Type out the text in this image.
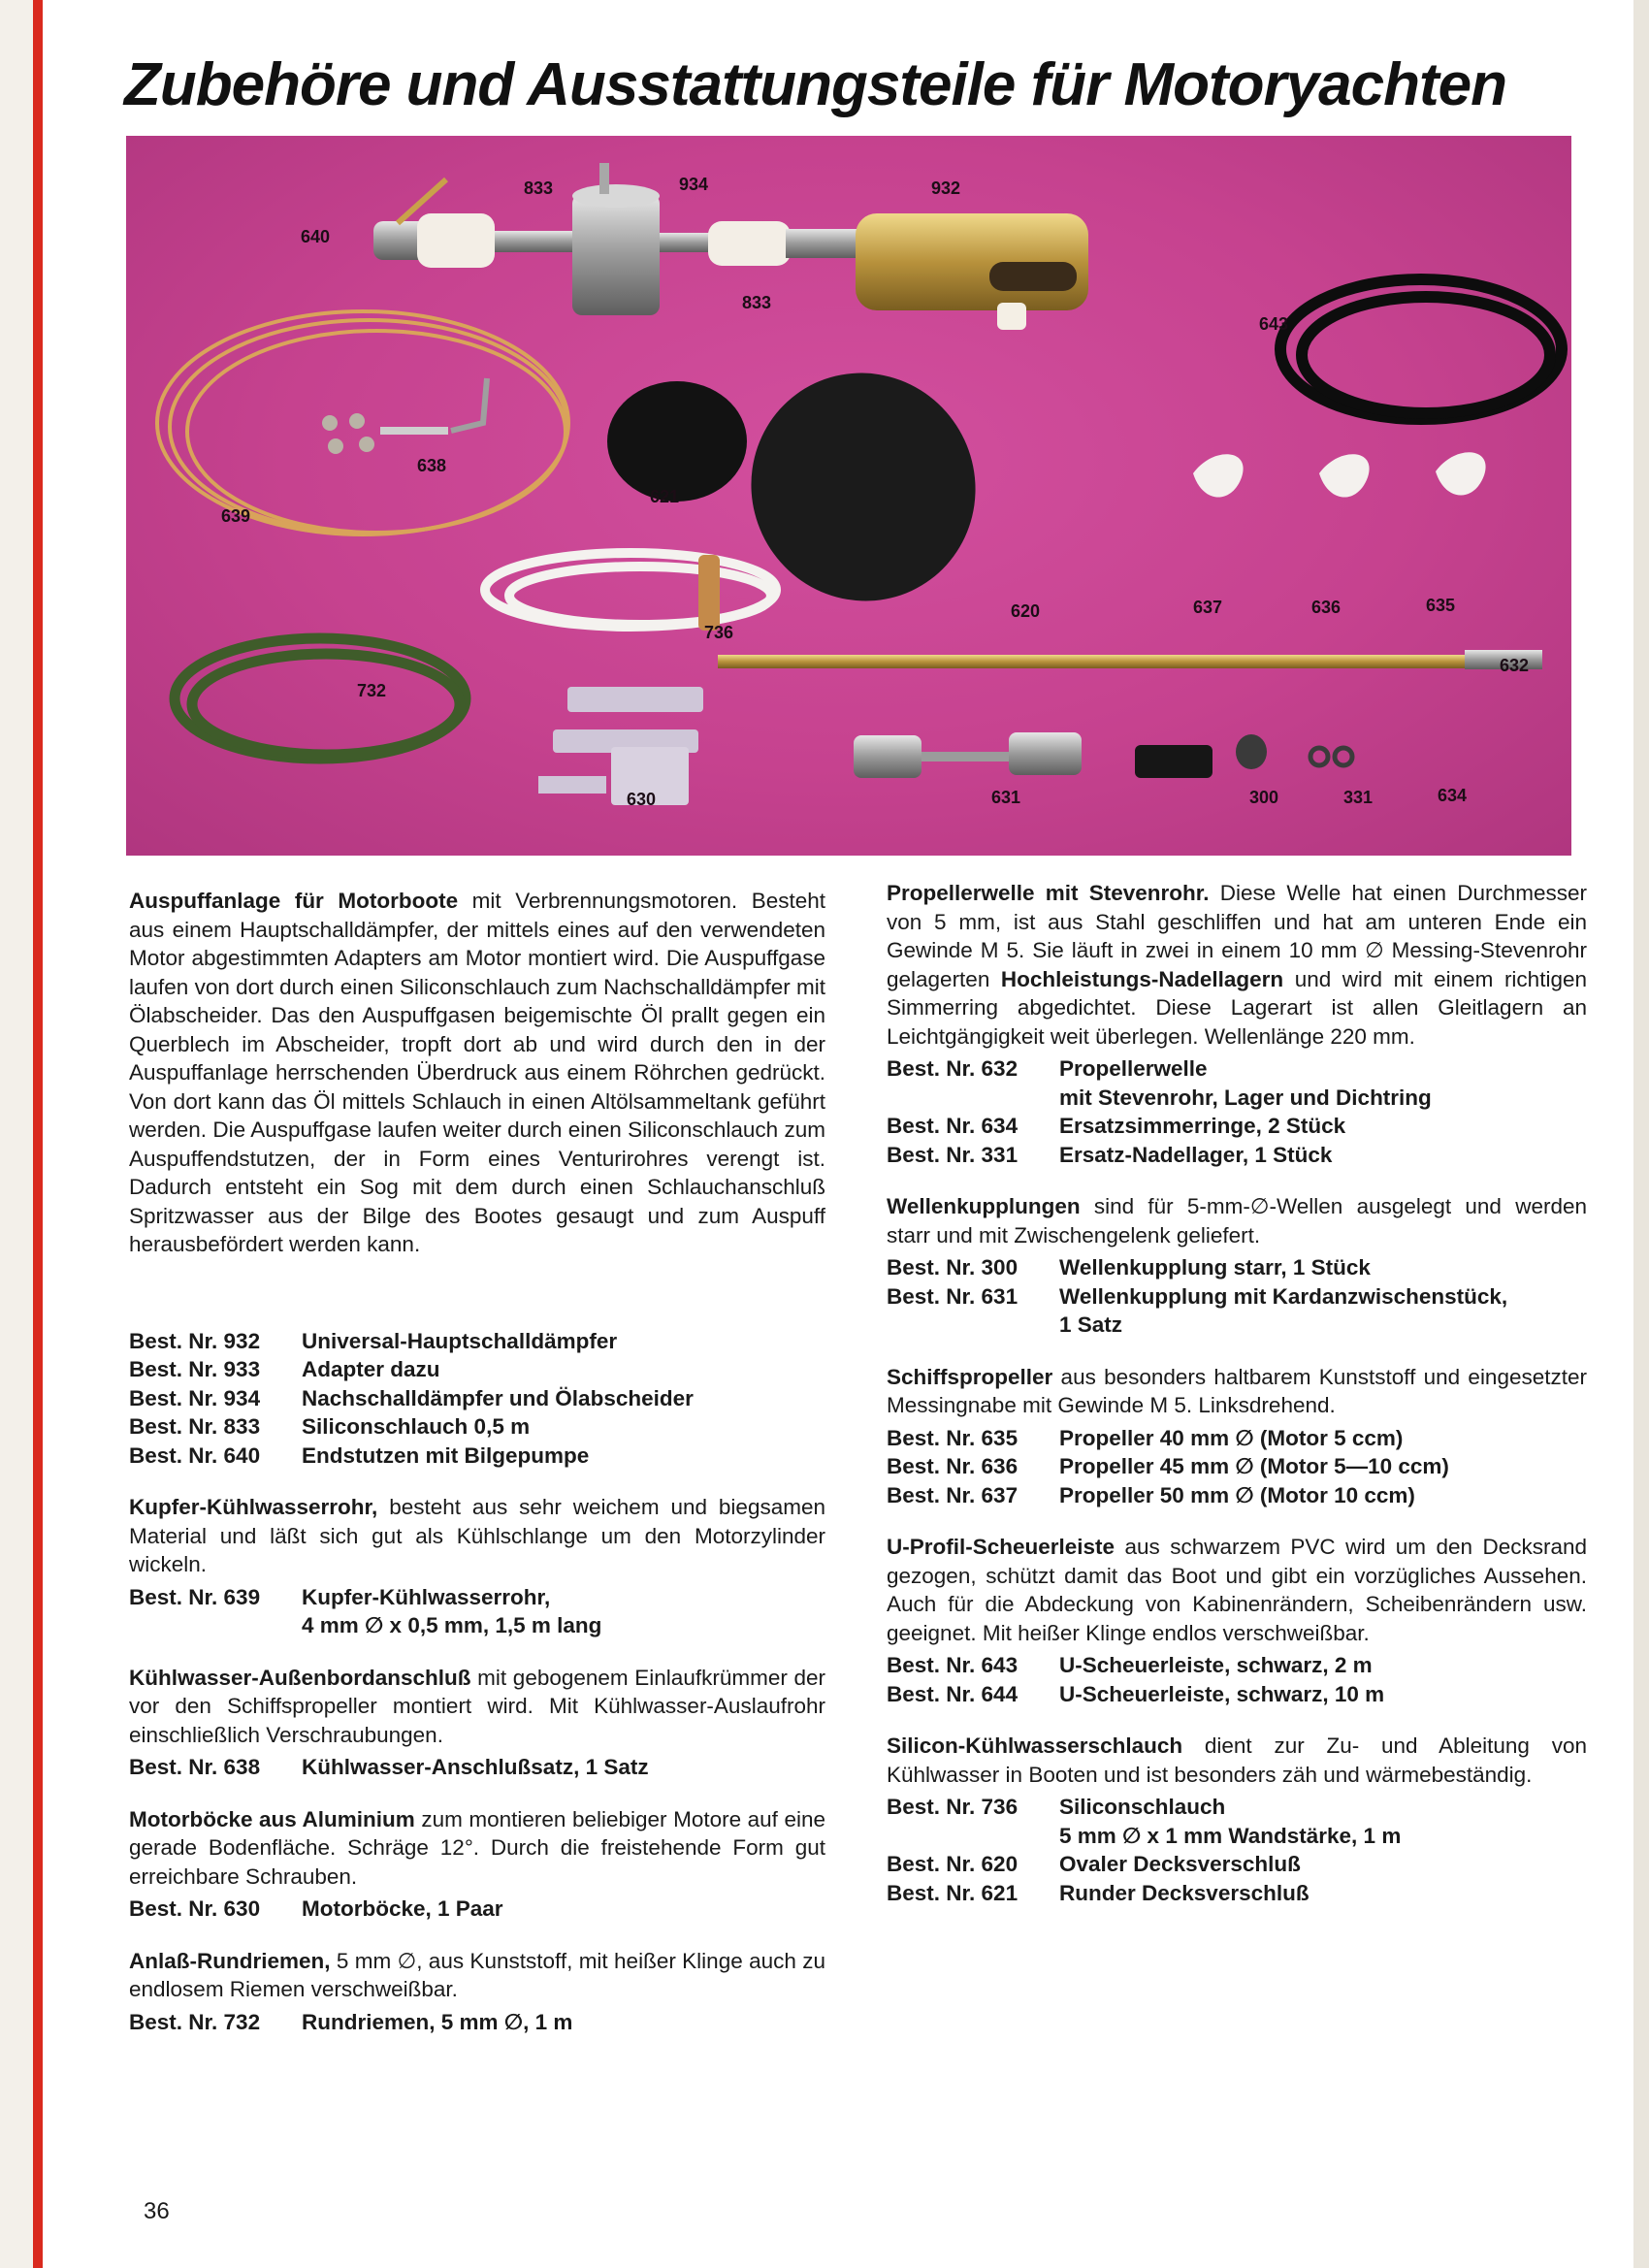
Zubehöre und Ausstattungsteile für Motoryachten
833	934	932
640
833
643
638
621
639
620
736
637	636	635
732
632
630	631	300	331	634

Auspuffanlage für Motorboote mit Verbrennungsmotoren. Besteht aus einem Hauptschalldämpfer, der mittels eines auf den verwendeten Motor abgestimmten Adapters am Motor montiert wird. Die Auspuffgase laufen von dort durch einen Siliconschlauch zum Nachschalldämpfer mit Ölabscheider. Das den Auspuffgasen beigemischte Öl prallt gegen ein Querblech im Abscheider, tropft dort ab und wird durch den in der Auspuffanlage herrschenden Überdruck aus einem Röhrchen gedrückt. Von dort kann das Öl mittels Schlauch in einen Altölsammeltank geführt werden. Die Auspuffgase laufen weiter durch einen Siliconschlauch zum Auspuffendstutzen, der in Form eines Venturirohres verengt ist. Dadurch entsteht ein Sog mit dem durch einen Schlauchanschluß Spritzwasser aus der Bilge des Bootes gesaugt und zum Auspuff herausbefördert werden kann.

Best. Nr. 932	Universal-Hauptschalldämpfer
Best. Nr. 933	Adapter dazu
Best. Nr. 934	Nachschalldämpfer und Ölabscheider
Best. Nr. 833	Siliconschlauch 0,5 m
Best. Nr. 640	Endstutzen mit Bilgepumpe

Kupfer-Kühlwasserrohr, besteht aus sehr weichem und biegsamen Material und läßt sich gut als Kühlschlange um den Motorzylinder wickeln.

Best. Nr. 639	Kupfer-Kühlwasserrohr,
4 mm ∅ x 0,5 mm, 1,5 m lang

Kühlwasser-Außenbordanschluß mit gebogenem Einlaufkrümmer der vor den Schiffspropeller montiert wird. Mit Kühlwasser-Auslaufrohr einschließlich Verschraubungen.

Best. Nr. 638	Kühlwasser-Anschlußsatz, 1 Satz

Motorböcke aus Aluminium zum montieren beliebiger Motore auf eine gerade Bodenfläche. Schräge 12°. Durch die freistehende Form gut erreichbare Schrauben.

Best. Nr. 630	Motorböcke, 1 Paar

Anlaß-Rundriemen, 5 mm ∅, aus Kunststoff, mit heißer Klinge auch zu endlosem Riemen verschweißbar.

Best. Nr. 732	Rundriemen, 5 mm ∅, 1 m

Propellerwelle mit Stevenrohr. Diese Welle hat einen Durchmesser von 5 mm, ist aus Stahl geschliffen und hat am unteren Ende ein Gewinde M 5. Sie läuft in zwei in einem 10 mm ∅ Messing-Stevenrohr gelagerten Hochleistungs-Nadellagern und wird mit einem richtigen Simmerring abgedichtet. Diese Lagerart ist allen Gleitlagern an Leichtgängigkeit weit überlegen. Wellenlänge 220 mm.

Best. Nr. 632	Propellerwelle
mit Stevenrohr, Lager und Dichtring
Best. Nr. 634	Ersatzsimmerringe, 2 Stück
Best. Nr. 331	Ersatz-Nadellager, 1 Stück

Wellenkupplungen sind für 5-mm-∅-Wellen ausgelegt und werden starr und mit Zwischengelenk geliefert.

Best. Nr. 300	Wellenkupplung starr, 1 Stück
Best. Nr. 631	Wellenkupplung mit Kardanzwischenstück,
1 Satz

Schiffspropeller aus besonders haltbarem Kunststoff und eingesetzter Messingnabe mit Gewinde M 5. Linksdrehend.

Best. Nr. 635	Propeller 40 mm ∅ (Motor 5 ccm)
Best. Nr. 636	Propeller 45 mm ∅ (Motor 5—10 ccm)
Best. Nr. 637	Propeller 50 mm ∅ (Motor 10 ccm)

U-Profil-Scheuerleiste aus schwarzem PVC wird um den Decksrand gezogen, schützt damit das Boot und gibt ein vorzügliches Aussehen. Auch für die Abdeckung von Kabinenrändern, Scheibenrändern usw. geeignet. Mit heißer Klinge endlos verschweißbar.

Best. Nr. 643	U-Scheuerleiste, schwarz, 2 m
Best. Nr. 644	U-Scheuerleiste, schwarz, 10 m

Silicon-Kühlwasserschlauch dient zur Zu- und Ableitung von Kühlwasser in Booten und ist besonders zäh und wärmebeständig.

Best. Nr. 736	Siliconschlauch
5 mm ∅ x 1 mm Wandstärke, 1 m
Best. Nr. 620	Ovaler Decksverschluß
Best. Nr. 621	Runder Decksverschluß
36
